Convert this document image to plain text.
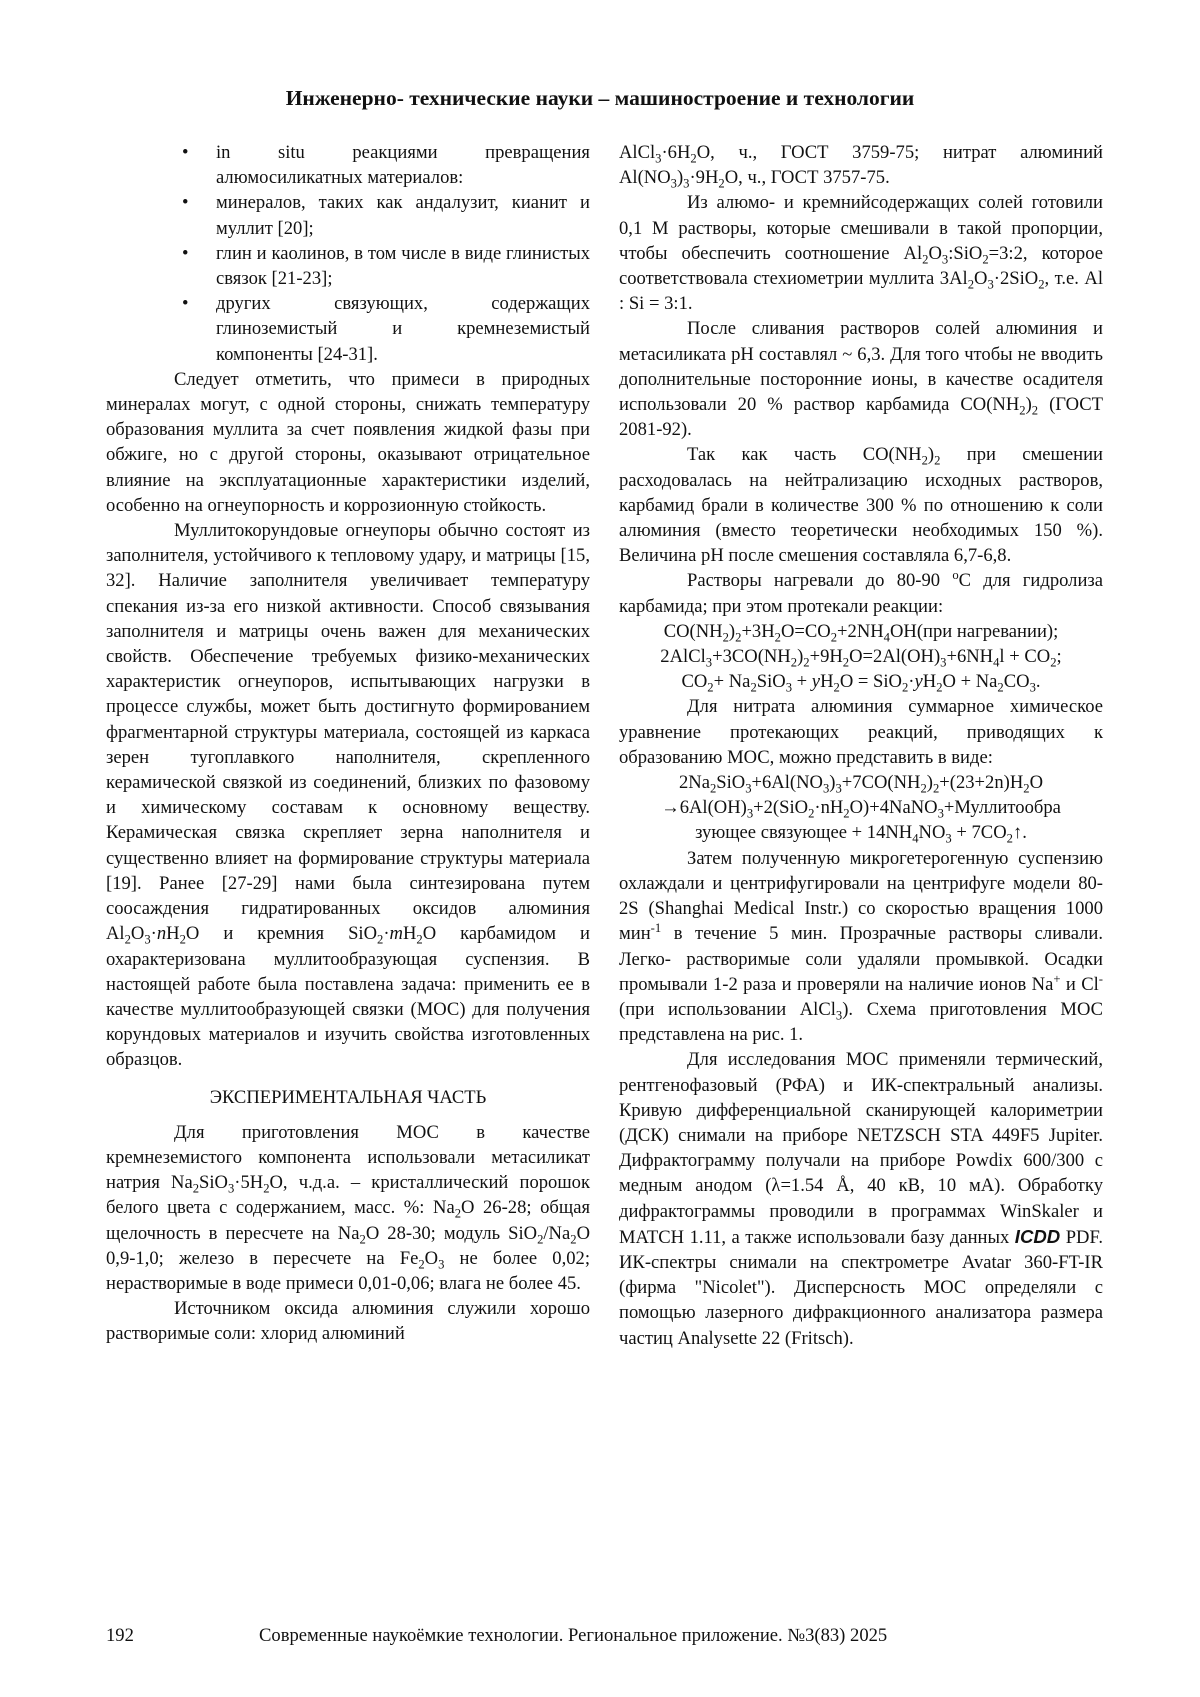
Инженерно- технические науки – машиностроение и технологии
• in situ реакциями превращения алюмосиликатных материалов:
• минералов, таких как андалузит, кианит и муллит [20];
• глин и каолинов, в том числе в виде глинистых связок [21-23];
• других связующих, содержащих глиноземистый и кремнеземистый компоненты [24-31].

Следует отметить, что примеси в природных минералах могут, с одной стороны, снижать температуру образования муллита за счет появления жидкой фазы при обжиге, но с другой стороны, оказывают отрицательное влияние на эксплуатационные характеристики изделий, особенно на огнеупорность и коррозионную стойкость.

Муллитокорундовые огнеупоры обычно состоят из заполнителя, устойчивого к тепловому удару, и матрицы [15, 32]. Наличие заполнителя увеличивает температуру спекания из-за его низкой активности. Способ связывания заполнителя и матрицы очень важен для механических свойств. Обеспечение требуемых физико-механических характеристик огнеупоров, испытывающих нагрузки в процессе службы, может быть достигнуто формированием фрагментарной структуры материала, состоящей из каркаса зерен тугоплавкого наполнителя, скрепленного керамической связкой из соединений, близких по фазовому и химическому составам к основному веществу. Керамическая связка скрепляет зерна наполнителя и существенно влияет на формирование структуры материала [19]. Ранее [27-29] нами была синтезирована путем соосаждения гидратированных оксидов алюминия $Al_2O_3\cdot nH_2O$ и кремния $SiO_2\cdot mH_2O$ карбамидом и охарактеризована муллитообразующая суспензия. В настоящей работе была поставлена задача: применить ее в качестве муллитообразующей связки (МОС) для получения корундовых материалов и изучить свойства изготовленных образцов.

ЭКСПЕРИМЕНТАЛЬНАЯ ЧАСТЬ

Для приготовления МОС в качестве кремнеземистого компонента использовали метасиликат натрия $Na_2SiO_3\cdot 5H_2O$, ч.д.а. – кристаллический порошок белого цвета с содержанием, масс. %: $Na_2O$ 26-28; общая щелочность в пересчете на $Na_2O$ 28-30; модуль $SiO_2/Na_2O$ 0,9-1,0; железо в пересчете на $Fe_2O_3$ не более 0,02; нерастворимые в воде примеси 0,01-0,06; влага не более 45.

Источником оксида алюминия служили хорошо растворимые соли: хлорид алюминий

$AlCl_3\cdot 6H_2O$, ч., ГОСТ 3759-75; нитрат алюминий $Al(NO_3)_3\cdot 9H_2O$, ч., ГОСТ 3757-75.

Из алюмо- и кремнийсодержащих солей готовили 0,1 М растворы, которые смешивали в такой пропорции, чтобы обеспечить соотношение $Al_2O_3:SiO_2=3:2$, которое соответствовала стехиометрии муллита $3Al_2O_3\cdot 2SiO_2$, т.е. Al : Si = 3:1.

После сливания растворов солей алюминия и метасиликата pH составлял ~ 6,3. Для того чтобы не вводить дополнительные посторонние ионы, в качестве осадителя использовали 20 % раствор карбамида $CO(NH_2)_2$ (ГОСТ 2081-92).

Так как часть $CO(NH_2)_2$ при смешении расходовалась на нейтрализацию исходных растворов, карбамид брали в количестве 300 % по отношению к соли алюминия (вместо теоретически необходимых 150 %). Величина pH после смешения составляла 6,7-6,8.

Растворы нагревали до 80-90 $^o$С для гидролиза карбамида; при этом протекали реакции:

$CO(NH_2)_2+3H_2O=CO_2+2NH_4OH(при$ нагревании);
$2AlCl_3+3CO(NH_2)_2+9H_2O=2Al(OH)_3+6NH_4l + CO_2$;
$CO_2+ Na_2SiO_3 + yH_2O = SiO_2\cdot yH_2O + Na_2CO_3$.

Для нитрата алюминия суммарное химическое уравнение протекающих реакций, приводящих к образованию МОС, можно представить в виде:

$2Na_2SiO_3+6Al(NO_3)_3+7CO(NH_2)_2+(23+2n)H_2O$
$\to 6Al(OH)_3+2(SiO_2\cdot nH_2O)+4NaNO_3+Муллитообра$
зующее связующее + $14NH_4NO_3$ + $7CO_2↑$.

Затем полученную микрогетерогенную суспензию охлаждали и центрифугировали на центрифуге модели 80-2S (Shanghai Medical Instr.) со скоростью вращения 1000 мин$^{-1}$ в течение 5 мин. Прозрачные растворы сливали. Легко- растворимые соли удаляли промывкой. Осадки промывали 1-2 раза и проверяли на наличие ионов Na+ и Cl- (при использовании AlCl$_3$). Схема приготовления МОС представлена на рис. 1.

Для исследования МОС применяли термический, рентгенофазовый (РФА) и ИК-спектральный анализы. Кривую дифференциальной сканирующей калориметрии (ДСК) снимали на приборе NETZSCH STA 449F5 Jupiter. Дифрактограмму получали на приборе Powdix 600/300 с медным анодом (λ=1.54 Å, 40 кВ, 10 мА). Обработку дифрактограммы проводили в программах WinSkaler и MATCH 1.11, а также использовали базу данных ICDD PDF. ИК-спектры снимали на спектрометре Avatar 360-FT-IR (фирма "Nicolet"). Дисперсность МОС определяли с помощью лазерного дифракционного анализатора размера частиц Analysette 22 (Fritsch).

192	Современные наукоёмкие технологии. Региональное приложение. №3(83) 2025
